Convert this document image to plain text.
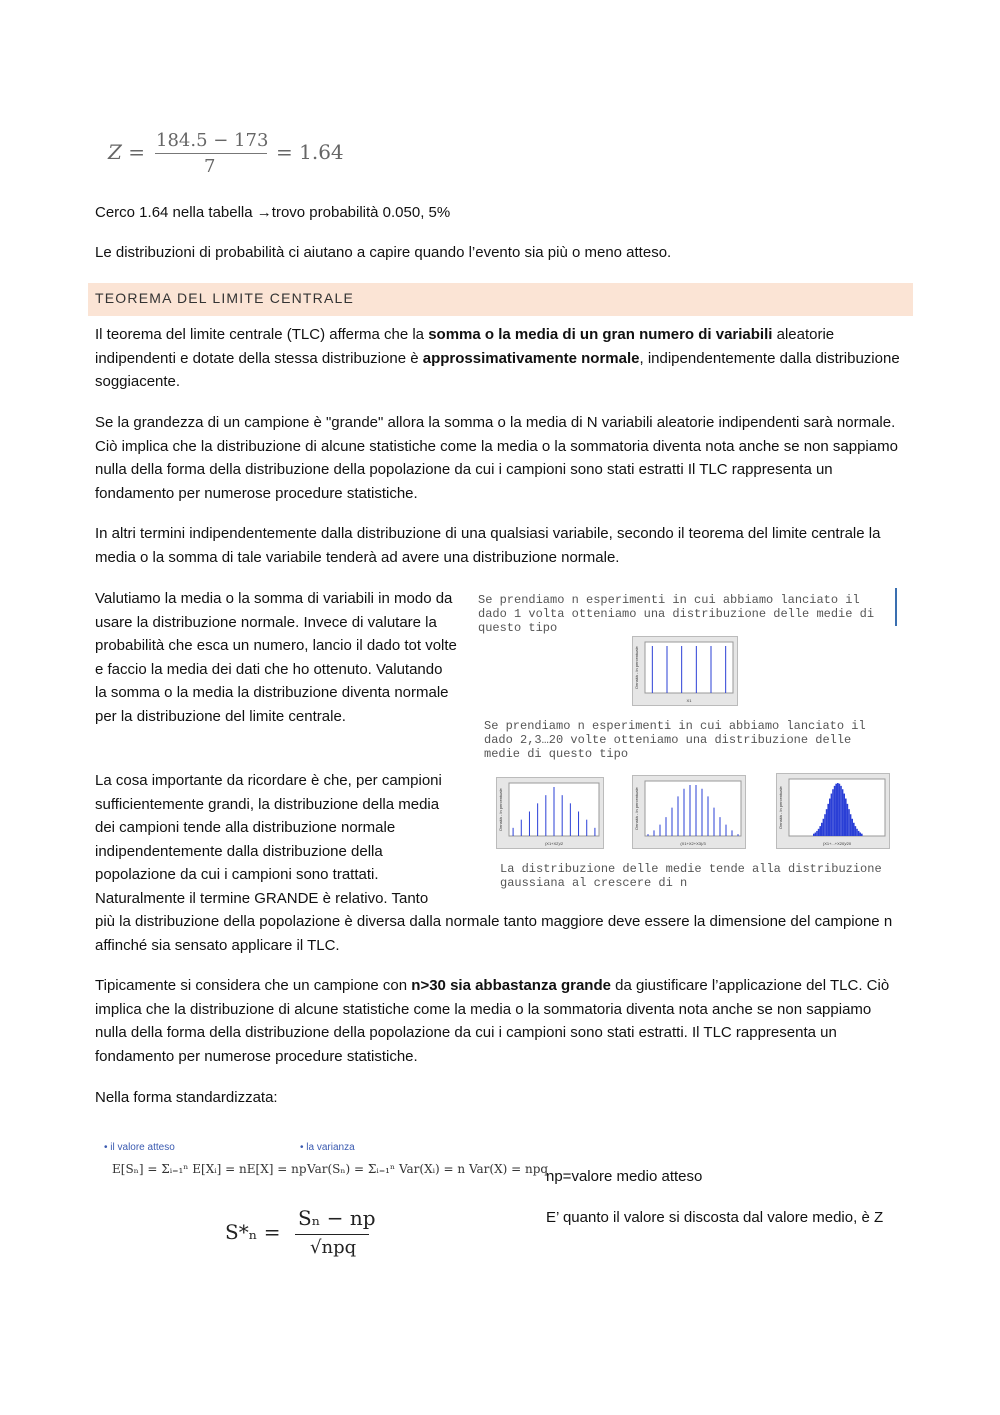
Z = 184.5 − 173
7
= 1.64

Cerco 1.64 nella tabella →trovo probabilità 0.050, 5%

Le distribuzioni di probabilità ci aiutano a capire quando l’evento sia più o meno atteso.

TEOREMA DEL LIMITE CENTRALE

Il teorema del limite centrale (TLC) afferma che la somma o la media di un gran numero di variabili aleatorie indipendenti e dotate della stessa distribuzione è approssimativamente normale, indipendentemente dalla distribuzione soggiacente.

Se la grandezza di un campione è "grande" allora la somma o la media di N variabili aleatorie indipendenti sarà normale. Ciò implica che la distribuzione di alcune statistiche come la media o la sommatoria diventa nota anche se non sappiamo nulla della forma della distribuzione della popolazione da cui i campioni sono stati estratti Il TLC rappresenta un fondamento per numerose procedure statistiche.

In altri termini indipendentemente dalla distribuzione di una qualsiasi variabile, secondo il teorema del limite centrale la media o la somma di tale variabile tenderà ad avere una distribuzione normale.

Valutiamo la media o la somma di variabili in modo da usare la distribuzione normale. Invece di valutare la probabilità che esca un numero, lancio il dado tot volte e faccio la media dei dati che ho ottenuto. Valutando la somma o la media la distribuzione diventa normale per la distribuzione del limite centrale.

La cosa importante da ricordare è che, per campioni sufficientemente grandi, la distribuzione della media dei campioni tende alla distribuzione normale indipendentemente dalla distribuzione della popolazione da cui i campioni sono trattati. Naturalmente il termine GRANDE è relativo. Tanto

più la distribuzione della popolazione è diversa dalla normale tanto maggiore deve essere la dimensione del campione n affinché sia sensato applicare il TLC.

Se prendiamo n esperimenti in cui abbiamo lanciato il
dado 1 volta otteniamo una distribuzione delle medie di
questo tipo
Densità - In percentuale
X1
Se prendiamo n esperimenti in cui abbiamo lanciato il
dado 2,3…20 volte otteniamo una distribuzione delle
medie di questo tipo
Densità - In percentuale
(X1+X2)/2
Densità - In percentuale
(X1+X2+X3)/3
Densità - In percentuale
(X1+...+X20)/20
La distribuzione delle medie tende alla distribuzione
gaussiana al crescere di n

Tipicamente si considera che un campione con n>30 sia abbastanza grande da giustificare l’applicazione del TLC. Ciò implica che la distribuzione di alcune statistiche come la media o la sommatoria diventa nota anche se non sappiamo nulla della forma della distribuzione della popolazione da cui i campioni sono stati estratti. Il TLC rappresenta un fondamento per numerose procedure statistiche.

Nella forma standardizzata:

• il valore atteso
E[Sₙ] = Σᵢ₌₁ⁿ E[Xᵢ] = nE[X] = np
• la varianza
Var(Sₙ) = Σᵢ₌₁ⁿ Var(Xᵢ) = n Var(X) = npq
S*ₙ =
Sₙ − np
√npq
np=valore medio atteso
E’ quanto il valore si discosta dal valore medio, è Z
